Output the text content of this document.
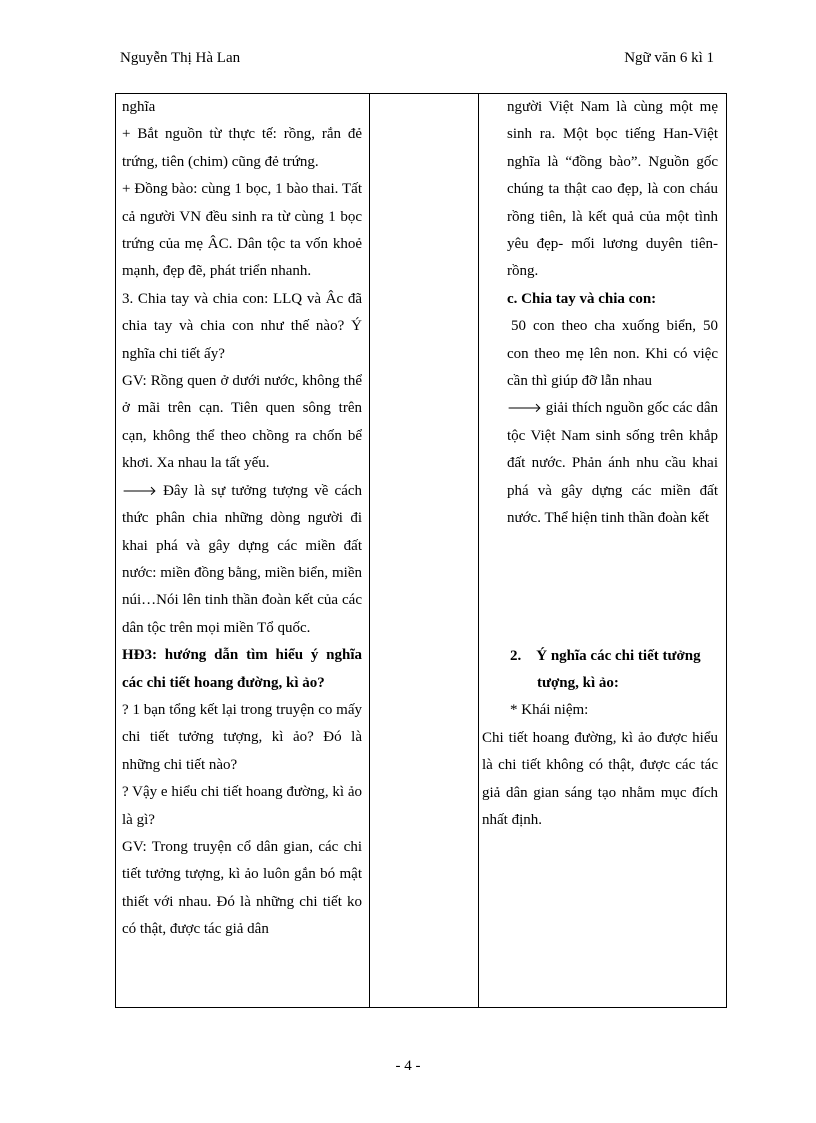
Nguyễn Thị Hà Lan	Ngữ văn 6 kì 1

nghĩa

+ Bắt nguồn từ thực tế: rồng, rắn đẻ trứng, tiên (chim) cũng đẻ trứng.

+ Đồng bào: cùng 1 bọc, 1 bào thai. Tất cả người VN đều sinh ra từ cùng 1 bọc trứng của mẹ ÂC. Dân tộc ta vốn khoẻ mạnh, đẹp đẽ, phát triển nhanh.

3. Chia tay và chia con: LLQ và Âc đã chia tay và chia con như thế nào? Ý nghĩa chi tiết ấy?

GV: Rồng quen ở dưới nước, không thể ở mãi trên cạn. Tiên quen sông trên cạn, không thể theo chồng ra chốn bể khơi. Xa nhau la tất yếu.

🡒 Đây là sự tưởng tượng về cách thức phân chia những dòng người đi khai phá và gây dựng các miền đất nước: miền đồng bằng, miền biển, miền núi…Nói lên tinh thần đoàn kết của các dân tộc trên mọi miền Tổ quốc.

HĐ3: hướng dẫn tìm hiểu ý nghĩa các chi tiết hoang đường, kì ảo?

? 1 bạn tổng kết lại trong truyện co mấy chi tiết tưởng tượng, kì ảo? Đó là những chi tiết nào?

? Vậy e hiểu chi tiết hoang đường, kì ảo là gì?

GV: Trong truyện cổ dân gian, các chi tiết tưởng tượng, kì ảo luôn gắn bó mật thiết với nhau. Đó là những chi tiết ko có thật, được tác giả dân

người Việt Nam là cùng một mẹ sinh ra. Một bọc tiếng Han-Việt nghĩa là “đồng bào”. Nguồn gốc chúng ta thật cao đẹp, là con cháu rồng tiên, là kết quả của một tình yêu đẹp- mối lương duyên tiên-rồng.

c. Chia tay và chia con:

50 con theo cha xuống biển, 50 con theo mẹ lên non. Khi có việc cần thì giúp đỡ lẫn nhau

🡒 giải thích nguồn gốc các dân tộc Việt Nam sinh sống trên khắp đất nước. Phản ánh nhu cầu khai phá và gây dựng các miền đất nước. Thể hiện tinh thần đoàn kết

2. Ý nghĩa các chi tiết tưởng

tượng, kì ảo:

* Khái niệm:

Chi tiết hoang đường, kì ảo được hiểu là chi tiết không có thật, được các tác giả dân gian sáng tạo nhằm mục đích nhất định.

- 4 -
